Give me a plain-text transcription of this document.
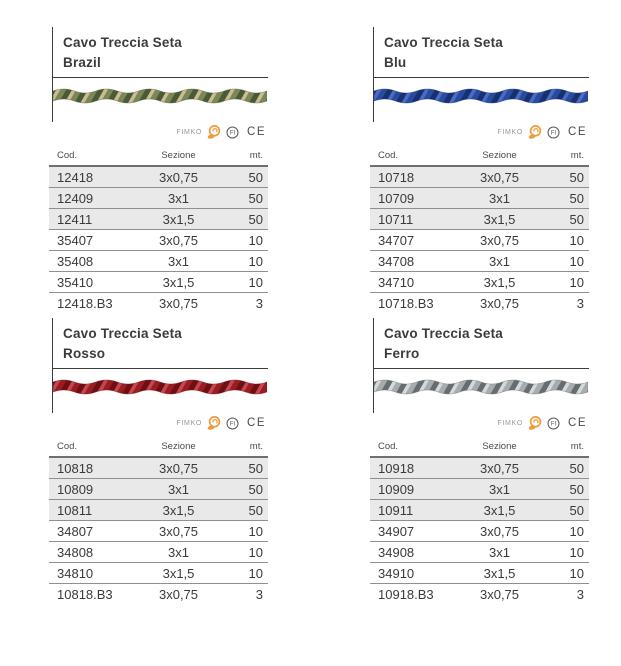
Cavo Treccia Seta
Brazil
FIMKO	FI CE
Cod.	Sezione	mt.
12418	3x0,75	50
12409	3x1	50
12411	3x1,5	50
35407	3x0,75	10
35408	3x1	10
35410	3x1,5	10
12418.B3	3x0,75	3
Cavo Treccia Seta
Blu
FIMKO	FI CE
Cod.	Sezione	mt.
10718	3x0,75	50
10709	3x1	50
10711	3x1,5	50
34707	3x0,75	10
34708	3x1	10
34710	3x1,5	10
10718.B3	3x0,75	3
Cavo Treccia Seta
Rosso
FIMKO	FI CE
Cod.	Sezione	mt.
10818	3x0,75	50
10809	3x1	50
10811	3x1,5	50
34807	3x0,75	10
34808	3x1	10
34810	3x1,5	10
10818.B3	3x0,75	3
Cavo Treccia Seta
Ferro
FIMKO	FI CE
Cod.	Sezione	mt.
10918	3x0,75	50
10909	3x1	50
10911	3x1,5	50
34907	3x0,75	10
34908	3x1	10
34910	3x1,5	10
10918.B3	3x0,75	3
